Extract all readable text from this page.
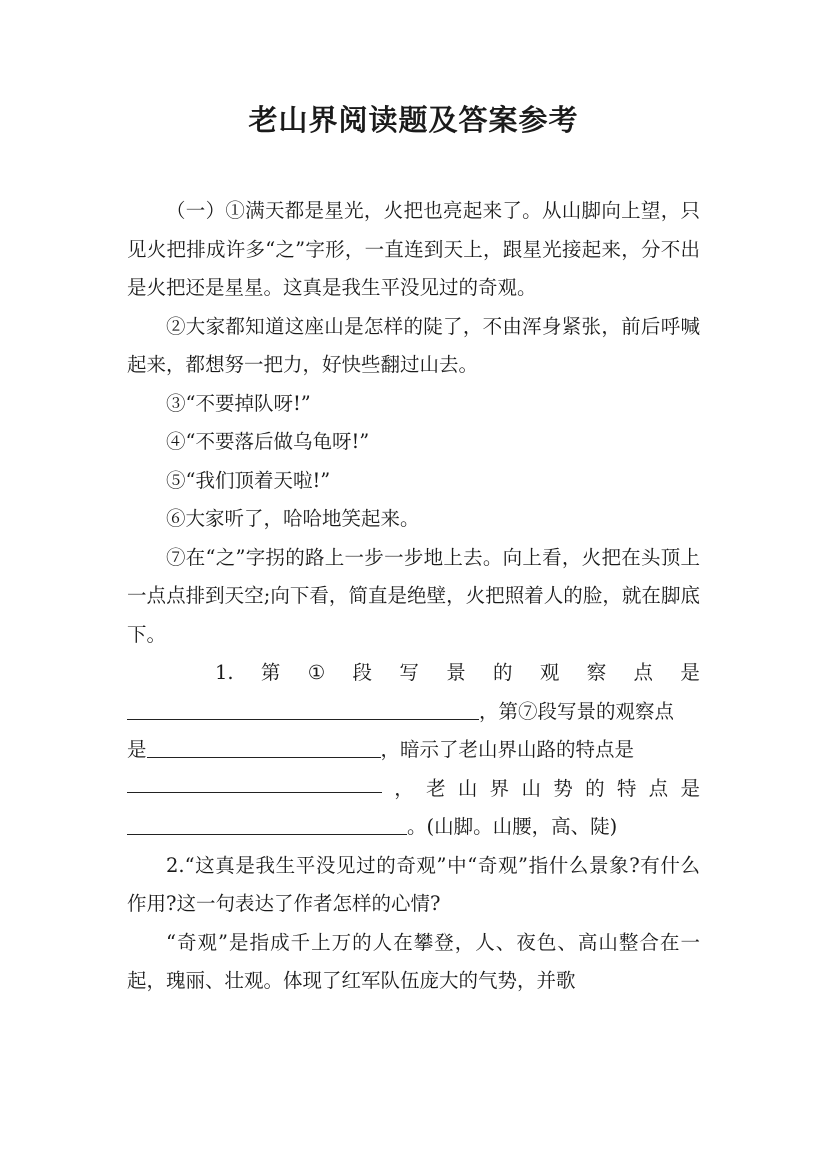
老山界阅读题及答案参考

（一）①满天都是星光，火把也亮起来了。从山脚向上望，只见火把排成许多“之”字形，一直连到天上，跟星光接起来，分不出是火把还是星星。这真是我生平没见过的奇观。

②大家都知道这座山是怎样的陡了，不由浑身紧张，前后呼喊起来，都想努一把力，好快些翻过山去。

③“不要掉队呀!”

④“不要落后做乌龟呀!”

⑤“我们顶着天啦!”

⑥大家听了，哈哈地笑起来。

⑦在“之”字拐的路上一步一步地上去。向上看，火把在头顶上一点点排到天空;向下看，简直是绝壁，火把照着人的脸，就在脚底下。

1. 第 ① 段 写 景 的 观 察 点 是
，第⑦段写景的观察点
是	，暗示了老山界山路的特点是
， 老 山 界 山 势 的 特 点 是
。(山脚。山腰，高、陡)

2.“这真是我生平没见过的奇观”中“奇观”指什么景象?有什么作用?这一句表达了作者怎样的心情?

“奇观”是指成千上万的人在攀登，人、夜色、高山整合在一起，瑰丽、壮观。体现了红军队伍庞大的气势，并歌
